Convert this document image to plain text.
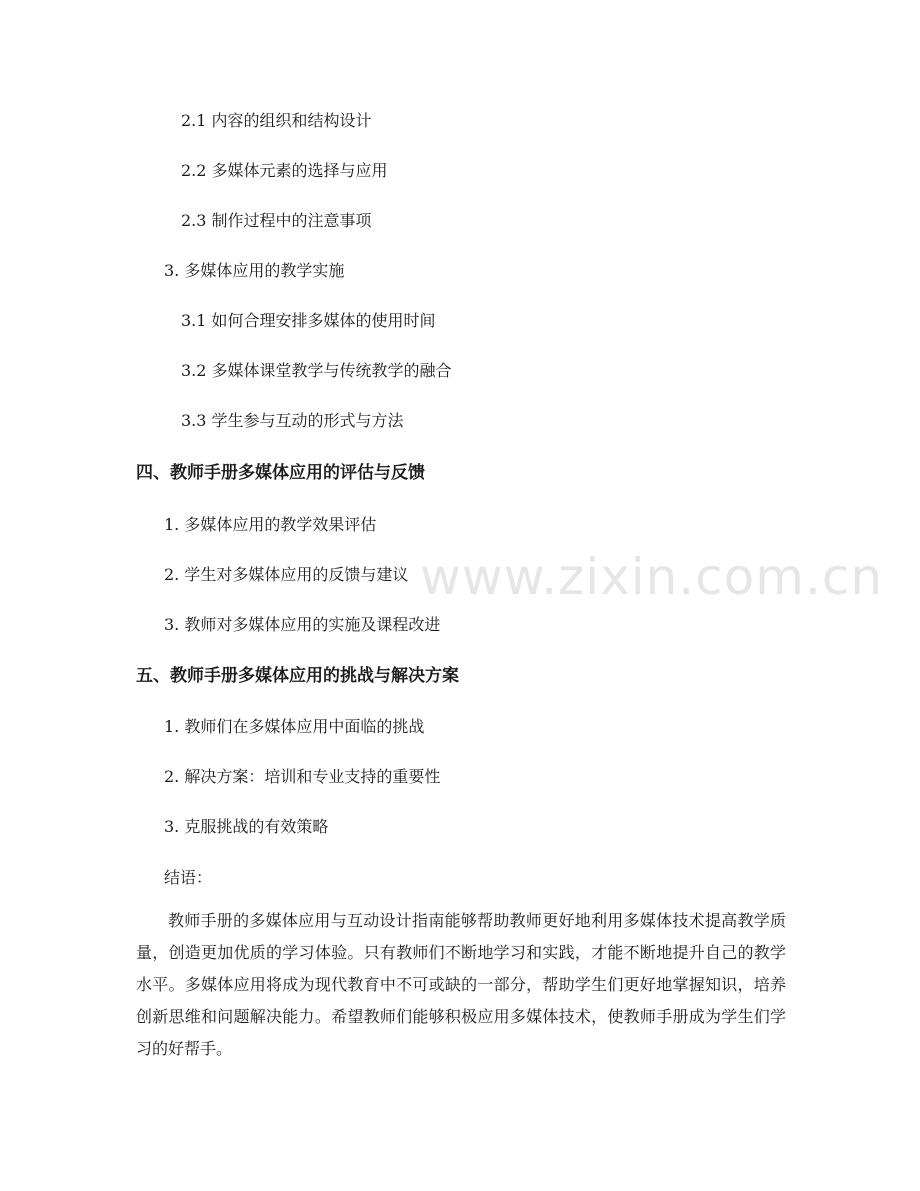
www.zixin.com.cn
2.1 内容的组织和结构设计
2.2 多媒体元素的选择与应用
2.3 制作过程中的注意事项
3. 多媒体应用的教学实施
3.1 如何合理安排多媒体的使用时间
3.2 多媒体课堂教学与传统教学的融合
3.3 学生参与互动的形式与方法
四、教师手册多媒体应用的评估与反馈
1. 多媒体应用的教学效果评估
2. 学生对多媒体应用的反馈与建议
3. 教师对多媒体应用的实施及课程改进
五、教师手册多媒体应用的挑战与解决方案
1. 教师们在多媒体应用中面临的挑战
2. 解决方案：培训和专业支持的重要性
3. 克服挑战的有效策略
结语：
教师手册的多媒体应用与互动设计指南能够帮助教师更好地利用多媒体技术提高教学质量，创造更加优质的学习体验。只有教师们不断地学习和实践，才能不断地提升自己的教学水平。多媒体应用将成为现代教育中不可或缺的一部分，帮助学生们更好地掌握知识，培养创新思维和问题解决能力。希望教师们能够积极应用多媒体技术，使教师手册成为学生们学习的好帮手。
